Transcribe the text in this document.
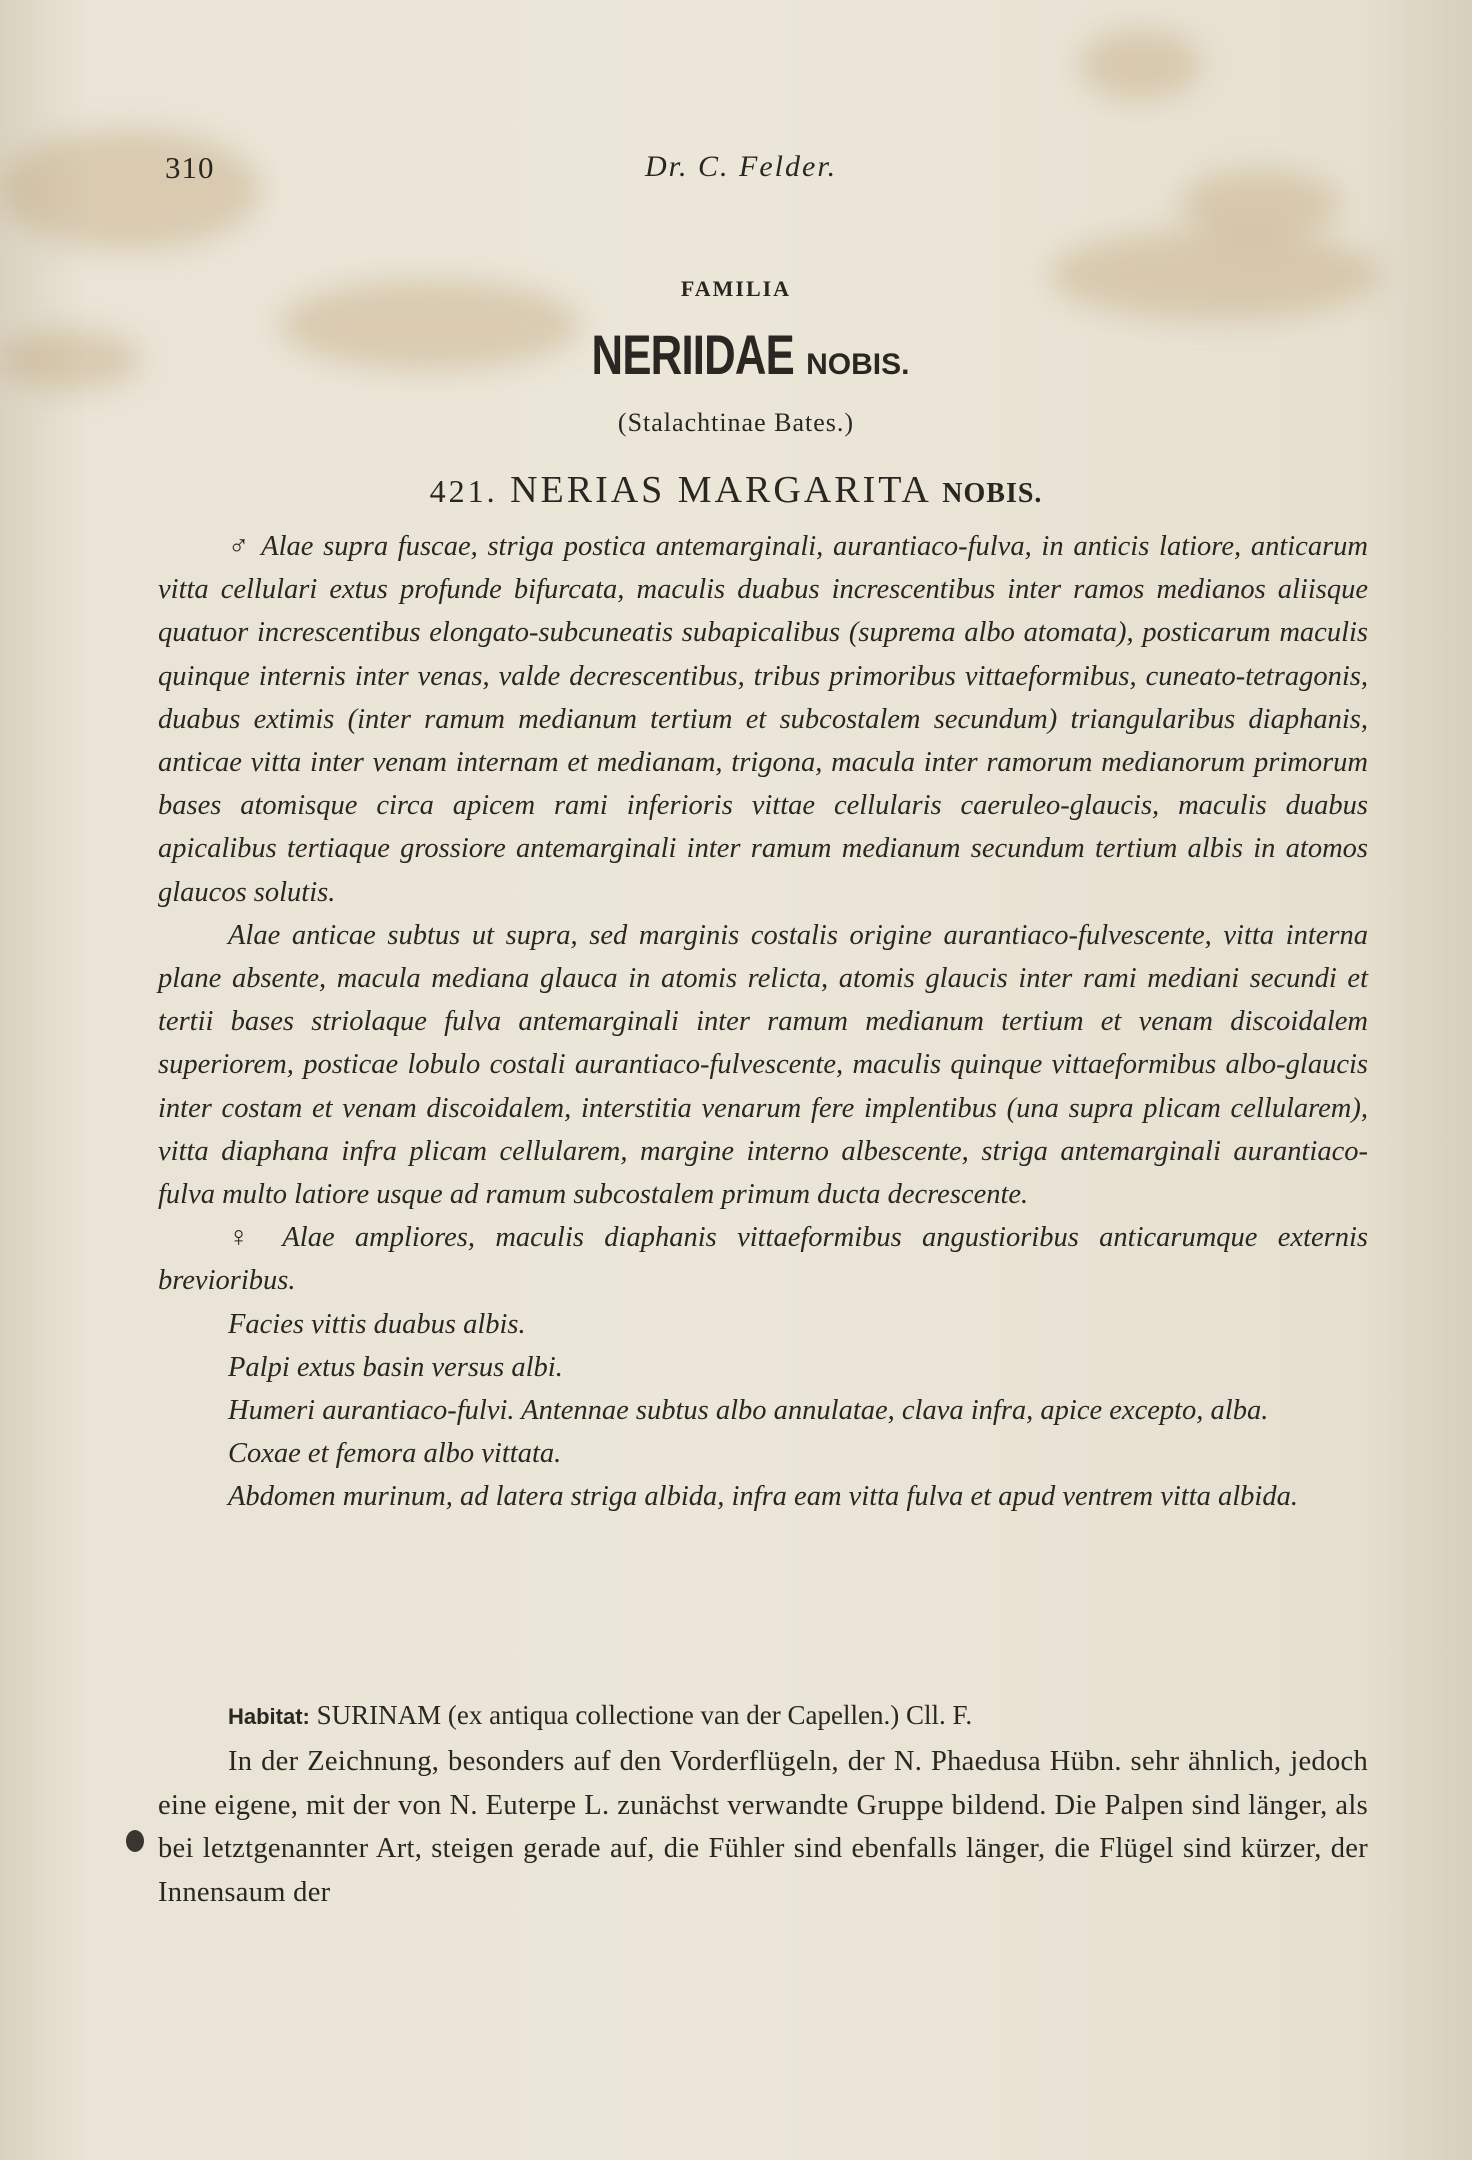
310	Dr. C. Felder.
FAMILIA
NERIIDAE NOBIS.
(Stalachtinae Bates.)
421. NERIAS MARGARITA NOBIS.

♂ Alae supra fuscae, striga postica antemarginali, aurantiaco-fulva, in anticis latiore, anticarum vitta cellulari extus profunde bifurcata, maculis duabus increscentibus inter ramos medianos aliisque quatuor increscentibus elongato-subcuneatis subapicalibus (suprema albo atomata), posticarum maculis quinque internis inter venas, valde decrescentibus, tribus primoribus vittaeformibus, cuneato-tetragonis, duabus extimis (inter ramum medianum tertium et subcostalem secundum) triangularibus diaphanis, anticae vitta inter venam internam et medianam, trigona, macula inter ramorum medianorum primorum bases atomisque circa apicem rami inferioris vittae cellularis caeruleo-glaucis, maculis duabus apicalibus tertiaque grossiore antemarginali inter ramum medianum secundum tertium albis in atomos glaucos solutis.

Alae anticae subtus ut supra, sed marginis costalis origine aurantiaco-fulvescente, vitta interna plane absente, macula mediana glauca in atomis relicta, atomis glaucis inter rami mediani secundi et tertii bases striolaque fulva antemarginali inter ramum medianum tertium et venam discoidalem superiorem, posticae lobulo costali aurantiaco-fulvescente, maculis quinque vittaeformibus albo-glaucis inter costam et venam discoidalem, interstitia venarum fere implentibus (una supra plicam cellularem), vitta diaphana infra plicam cellularem, margine interno albescente, striga antemarginali aurantiaco-fulva multo latiore usque ad ramum subcostalem primum ducta decrescente.

♀ Alae ampliores, maculis diaphanis vittaeformibus angustioribus anticarumque externis brevioribus.

Facies vittis duabus albis.

Palpi extus basin versus albi.

Humeri aurantiaco-fulvi. Antennae subtus albo annulatae, clava infra, apice excepto, alba.

Coxae et femora albo vittata.

Abdomen murinum, ad latera striga albida, infra eam vitta fulva et apud ventrem vitta albida.

Habitat: SURINAM (ex antiqua collectione van der Capellen.) Cll. F.
In der Zeichnung, besonders auf den Vorderflügeln, der N. Phaedusa Hübn. sehr ähnlich, jedoch eine eigene, mit der von N. Euterpe L. zunächst verwandte Gruppe bildend. Die Palpen sind länger, als bei letztgenannter Art, steigen gerade auf, die Fühler sind ebenfalls länger, die Flügel sind kürzer, der Innensaum der
